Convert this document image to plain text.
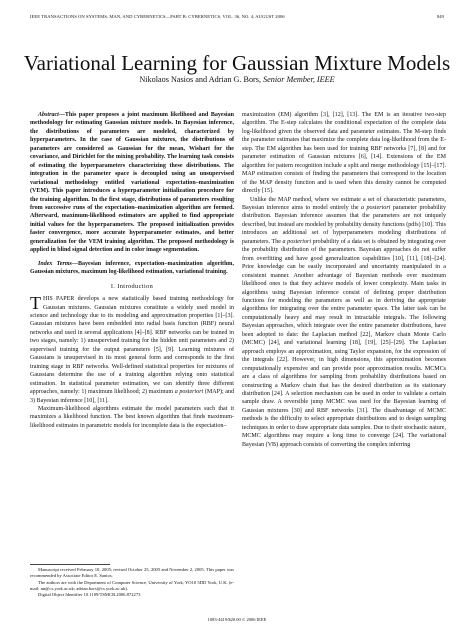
IEEE TRANSACTIONS ON SYSTEMS, MAN, AND CYBERNETICS—PART B: CYBERNETICS, VOL. 36, NO. 4, AUGUST 2006	849
Variational Learning for Gaussian Mixture Models
Nikolaos Nasios and Adrian G. Bors, Senior Member, IEEE

Abstract—This paper proposes a joint maximum likelihood and Bayesian methodology for estimating Gaussian mixture models. In Bayesian inference, the distributions of parameters are modeled, characterized by hyperparameters. In the case of Gaussian mixtures, the distributions of parameters are considered as Gaussian for the mean, Wishart for the covariance, and Dirichlet for the mixing probability. The learning task consists of estimating the hyperparameters characterizing these distributions. The integration in the parameter space is decoupled using an unsupervised variational methodology entitled variational expectation–maximization (VEM). This paper introduces a hyperparameter initialization procedure for the training algorithm. In the first stage, distributions of parameters resulting from successive runs of the expectation–maximization algorithm are formed. Afterward, maximum-likelihood estimators are applied to find appropriate initial values for the hyperparameters. The proposed initialization provides faster convergence, more accurate hyperparameter estimates, and better generalization for the VEM training algorithm. The proposed methodology is applied in blind signal detection and in color image segmentation.

Index Terms—Bayesian inference, expectation–maximization algorithm, Gaussian mixtures, maximum log-likelihood estimation, variational training.

I. Introduction

THIS PAPER develops a new statistically based training methodology for Gaussian mixtures. Gaussian mixtures constitute a widely used model in science and technology due to its modeling and approximation properties [1]–[3]. Gaussian mixtures have been embedded into radial basis function (RBF) neural networks and used in several applications [4]–[8]. RBF networks can be trained in two stages, namely: 1) unsupervised training for the hidden unit parameters and 2) supervised training for the output parameters [5], [9]. Learning mixtures of Gaussians is unsupervised in its most general form and corresponds to the first training stage in RBF networks. Well-defined statistical properties for mixtures of Gaussians determine the use of a training algorithm relying onto statistical estimation. In statistical parameter estimation, we can identify three different approaches, namely: 1) maximum likelihood; 2) maximum a posteriori (MAP); and 3) Bayesian inference [10], [11].

Maximum-likelihood algorithms estimate the model parameters such that it maximizes a likelihood function. The best known algorithm that finds maximum-likelihood estimates in parametric models for incomplete data is the expectation–

maximization (EM) algorithm [3], [12], [13]. The EM is an iterative two-step algorithm. The E-step calculates the conditional expectation of the complete data log-likelihood given the observed data and parameter estimates. The M-step finds the parameter estimates that maximize the complete data log-likelihood from the E-step. The EM algorithm has been used for training RBF networks [7], [8] and for parameter estimation of Gaussian mixtures [6], [14]. Extensions of the EM algorithm for pattern recognition include a split and merge methodology [15]–[17]. MAP estimation consists of finding the parameters that correspond to the location of the MAP density function and is used when this density cannot be computed directly [15].

Unlike the MAP method, where we estimate a set of characteristic parameters, Bayesian inference aims to model entirely the a posteriori parameter probability distribution. Bayesian inference assumes that the parameters are not uniquely described, but instead are modeled by probability density functions (pdfs) [10]. This introduces an additional set of hyperparameters modeling distributions of parameters. The a posteriori probability of a data set is obtained by integrating over the probability distribution of the parameters. Bayesian approaches do not suffer from overfitting and have good generalization capabilities [10], [11], [18]–[24]. Prior knowledge can be easily incorporated and uncertainty manipulated in a consistent manner. Another advantage of Bayesian methods over maximum likelihood ones is that they achieve models of lower complexity. Main tasks in algorithms using Bayesian inference consist of defining proper distribution functions for modeling the parameters as well as in deriving the appropriate algorithms for integrating over the entire parameter space. The latter task can be computationally heavy and may result in intractable integrals. The following Bayesian approaches, which integrate over the entire parameter distributions, have been adopted to date: the Laplacian method [22], Markov chain Monte Carlo (MCMC) [24], and variational learning [18], [19], [25]–[29]. The Laplacian approach employs an approximation, using Taylor expansion, for the expression of the integrals [22]. However, in high dimensions, this approximation becomes computationally expensive and can provide poor approximation results. MCMCs are a class of algorithms for sampling from probability distributions based on constructing a Markov chain that has the desired distribution as its stationary distribution [24]. A selection mechanism can be used in order to validate a certain sample draw. A reversible jump MCMC was used for the Bayesian learning of Gaussian mixtures [30] and RBF networks [31]. The disadvantage of MCMC methods is the difficulty to select appropriate distributions and to design sampling techniques in order to draw appropriate data samples. Due to their stochastic nature, MCMC algorithms may require a long time to converge [24]. The variational Bayesian (VB) approach consists of converting the complex inferring

Manuscript received February 10, 2005; revised October 25, 2005 and November 2, 2005. This paper was recommended by Associate Editor E. Santos.

The authors are with the Department of Computer Science, University of York, YO10 5DD York, U.K. (e-mail: nn@cs.york.ac.uk; adrian.bors@cs.york.ac.uk).

Digital Object Identifier 10.1109/TSMCB.2006.872273

1083-4419/$20.00 © 2006 IEEE
